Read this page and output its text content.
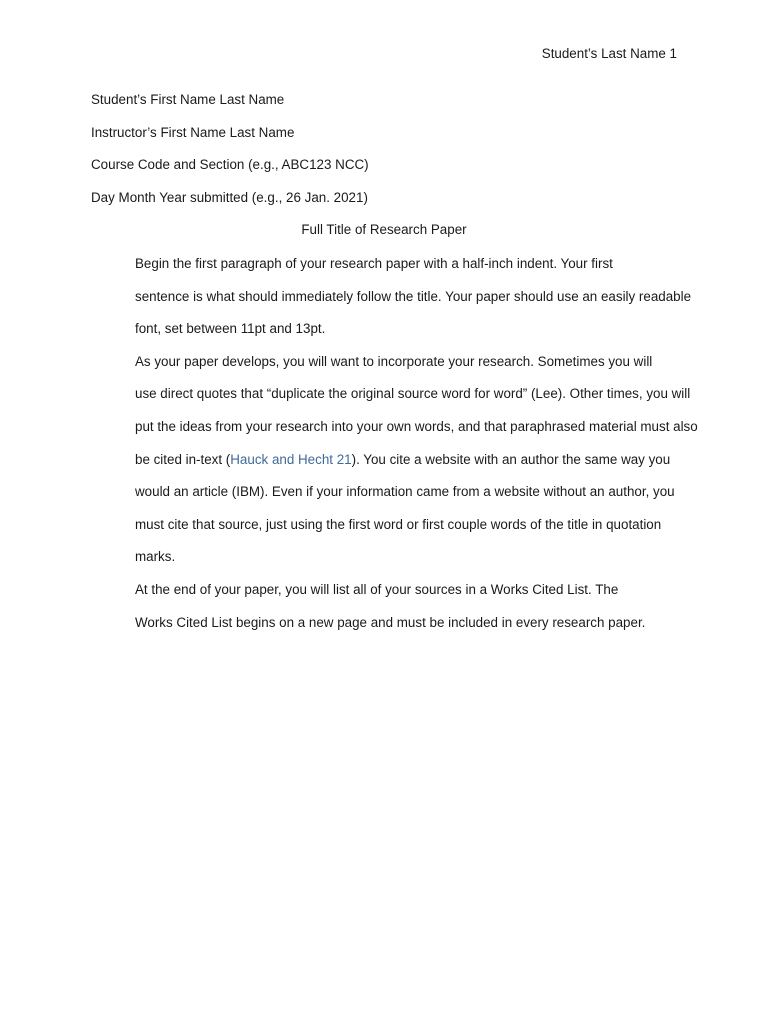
Student’s Last Name 1
Student’s First Name Last Name
Instructor’s First Name Last Name
Course Code and Section (e.g., ABC123 NCC)
Day Month Year submitted (e.g., 26 Jan. 2021)
Full Title of Research Paper

Begin the first paragraph of your research paper with a half-inch indent. Your first
sentence is what should immediately follow the title. Your paper should use an easily readable
font, set between 11pt and 13pt.

As your paper develops, you will want to incorporate your research. Sometimes you will
use direct quotes that “duplicate the original source word for word” (Lee). Other times, you will
put the ideas from your research into your own words, and that paraphrased material must also
be cited in-text (Hauck and Hecht 21). You cite a website with an author the same way you
would an article (IBM). Even if your information came from a website without an author, you
must cite that source, just using the first word or first couple words of the title in quotation
marks.

At the end of your paper, you will list all of your sources in a Works Cited List. The
Works Cited List begins on a new page and must be included in every research paper.
